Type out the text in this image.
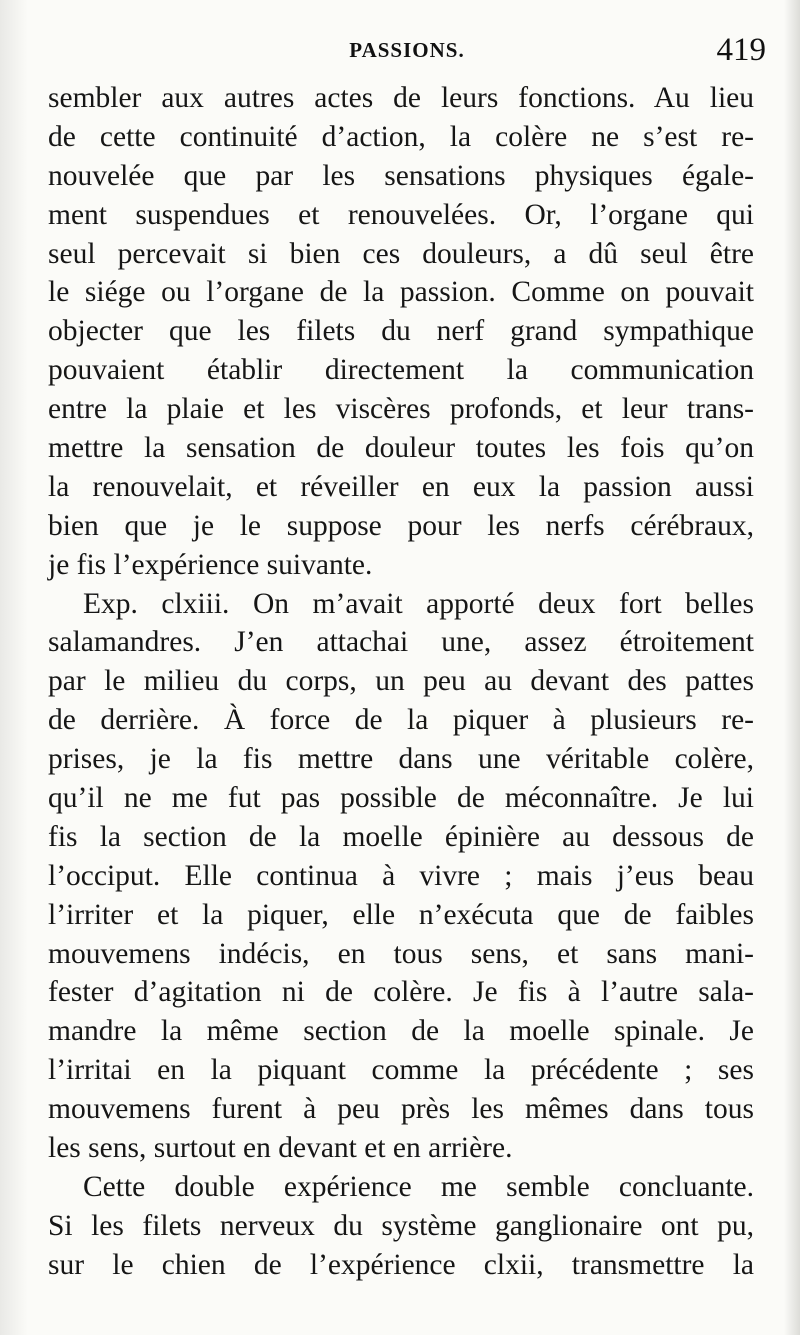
PASSIONS.	419
sembler aux autres actes de leurs fonctions. Au lieu
de cette continuité d’action, la colère ne s’est re-
nouvelée que par les sensations physiques égale-
ment suspendues et renouvelées. Or, l’organe qui
seul percevait si bien ces douleurs, a dû seul être
le siége ou l’organe de la passion. Comme on pouvait
objecter que les filets du nerf grand sympathique
pouvaient établir directement la communication
entre la plaie et les viscères profonds, et leur trans-
mettre la sensation de douleur toutes les fois qu’on
la renouvelait, et réveiller en eux la passion aussi
bien que je le suppose pour les nerfs cérébraux,
je fis l’expérience suivante.
Exp. clxiii. On m’avait apporté deux fort belles
salamandres. J’en attachai une, assez étroitement
par le milieu du corps, un peu au devant des pattes
de derrière. À force de la piquer à plusieurs re-
prises, je la fis mettre dans une véritable colère,
qu’il ne me fut pas possible de méconnaître. Je lui
fis la section de la moelle épinière au dessous de
l’occiput. Elle continua à vivre ; mais j’eus beau
l’irriter et la piquer, elle n’exécuta que de faibles
mouvemens indécis, en tous sens, et sans mani-
fester d’agitation ni de colère. Je fis à l’autre sala-
mandre la même section de la moelle spinale. Je
l’irritai en la piquant comme la précédente ; ses
mouvemens furent à peu près les mêmes dans tous
les sens, surtout en devant et en arrière.
Cette double expérience me semble concluante.
Si les filets nerveux du système ganglionaire ont pu,
sur le chien de l’expérience clxii, transmettre la
